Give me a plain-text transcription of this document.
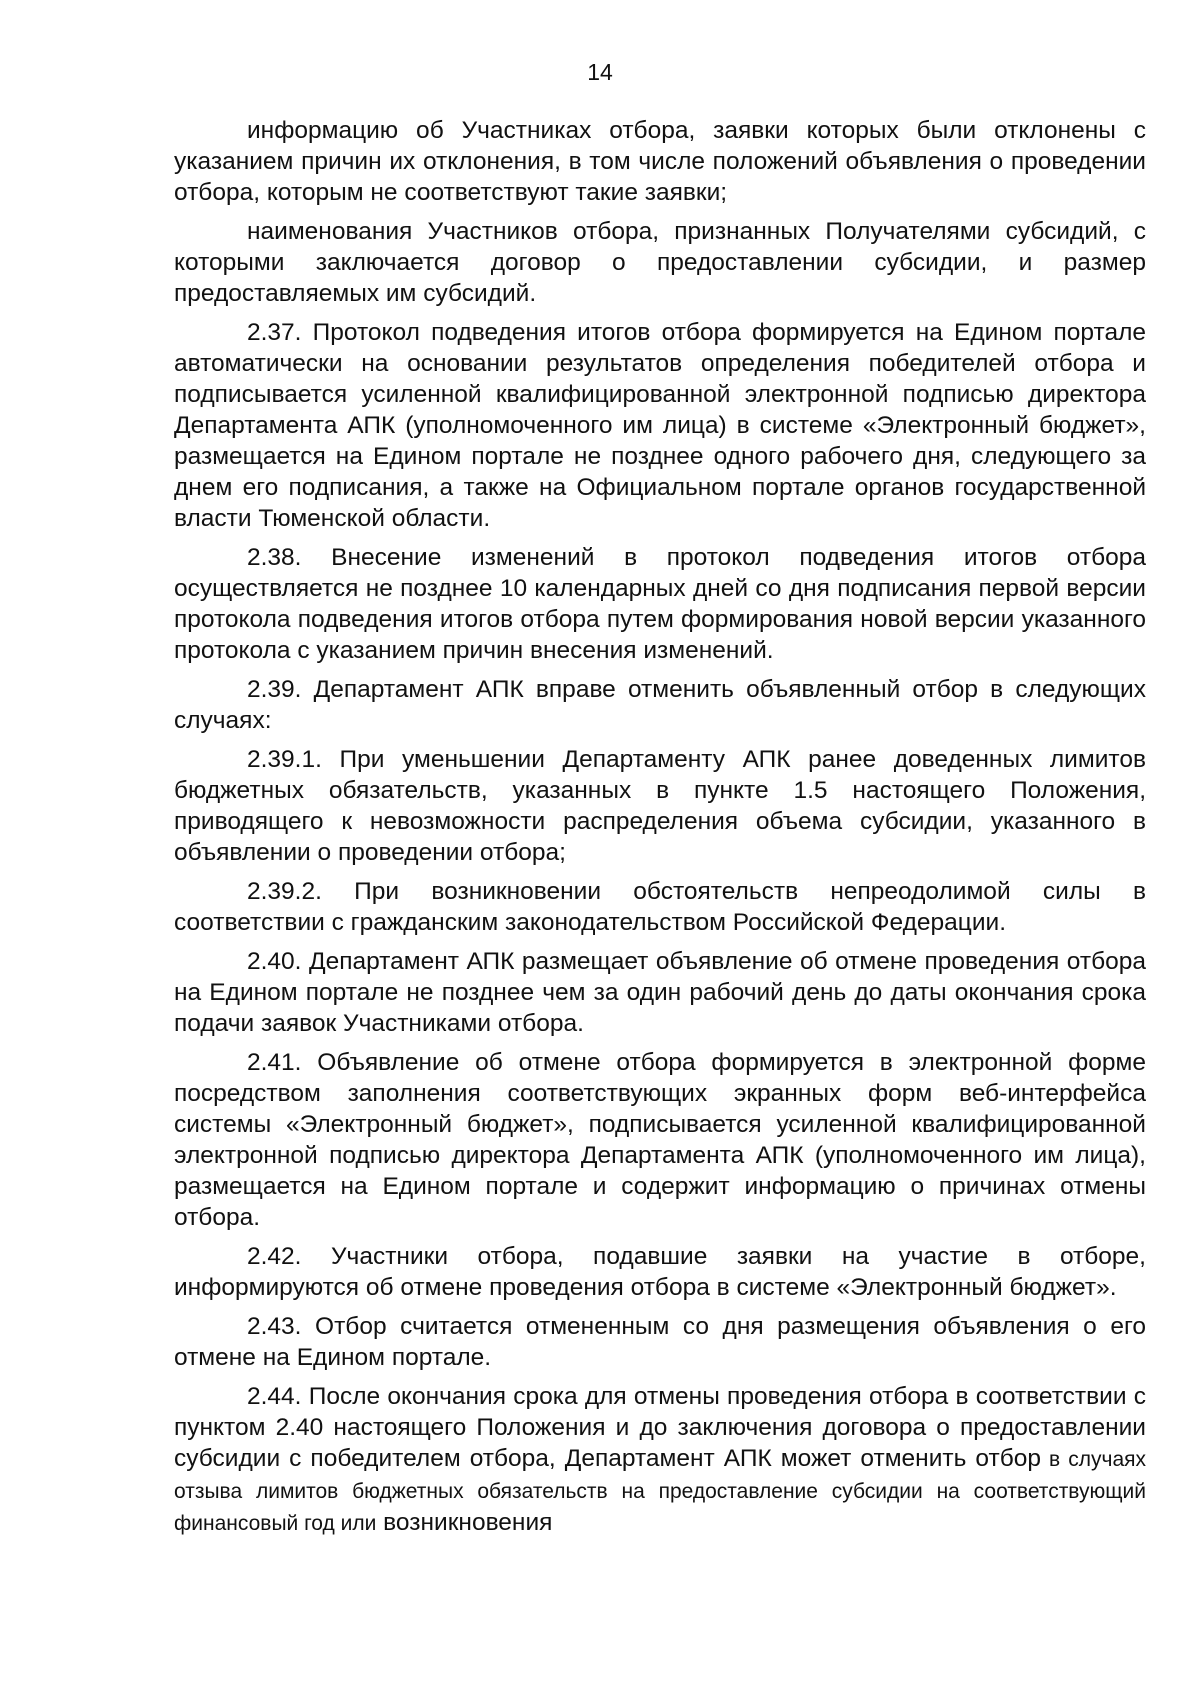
14

информацию об Участниках отбора, заявки которых были отклонены с указанием причин их отклонения, в том числе положений объявления о проведении отбора, которым не соответствуют такие заявки;

наименования Участников отбора, признанных Получателями субсидий, с которыми заключается договор о предоставлении субсидии, и размер предоставляемых им субсидий.

2.37. Протокол подведения итогов отбора формируется на Едином портале автоматически на основании результатов определения победителей отбора и подписывается усиленной квалифицированной электронной подписью директора Департамента АПК (уполномоченного им лица) в системе «Электронный бюджет», размещается на Едином портале не позднее одного рабочего дня, следующего за днем его подписания, а также на Официальном портале органов государственной власти Тюменской области.

2.38. Внесение изменений в протокол подведения итогов отбора осуществляется не позднее 10 календарных дней со дня подписания первой версии протокола подведения итогов отбора путем формирования новой версии указанного протокола с указанием причин внесения изменений.

2.39. Департамент АПК вправе отменить объявленный отбор в следующих случаях:

2.39.1. При уменьшении Департаменту АПК ранее доведенных лимитов бюджетных обязательств, указанных в пункте 1.5 настоящего Положения, приводящего к невозможности распределения объема субсидии, указанного в объявлении о проведении отбора;

2.39.2. При возникновении обстоятельств непреодолимой силы в соответствии с гражданским законодательством Российской Федерации.

2.40. Департамент АПК размещает объявление об отмене проведения отбора на Едином портале не позднее чем за один рабочий день до даты окончания срока подачи заявок Участниками отбора.

2.41. Объявление об отмене отбора формируется в электронной форме посредством заполнения соответствующих экранных форм веб-интерфейса системы «Электронный бюджет», подписывается усиленной квалифицированной электронной подписью директора Департамента АПК (уполномоченного им лица), размещается на Едином портале и содержит информацию о причинах отмены отбора.

2.42. Участники отбора, подавшие заявки на участие в отборе, информируются об отмене проведения отбора в системе «Электронный бюджет».

2.43. Отбор считается отмененным со дня размещения объявления о его отмене на Едином портале.

2.44. После окончания срока для отмены проведения отбора в соответствии с пунктом 2.40 настоящего Положения и до заключения договора о предоставлении субсидии с победителем отбора, Департамент АПК может отменить отбор в случаях отзыва лимитов бюджетных обязательств на предоставление субсидии на соответствующий финансовый год или возникновения
